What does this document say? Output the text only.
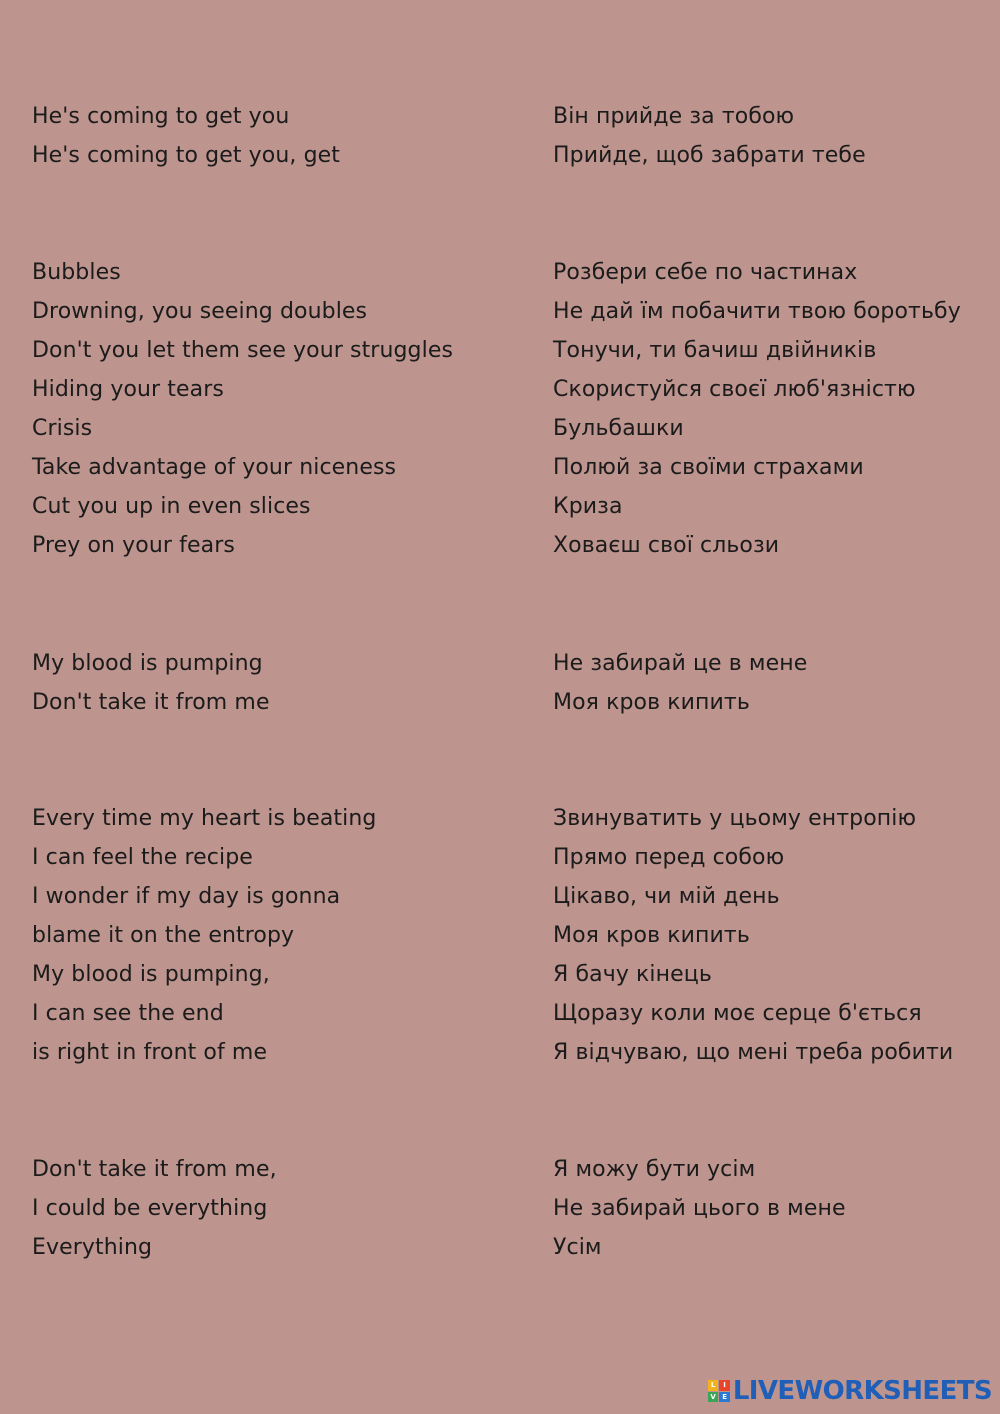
He's coming to get you
He's coming to get you, get
Bubbles
Drowning, you seeing doubles
Don't you let them see your struggles
Hiding your tears
Crisis
Take advantage of your niceness
Cut you up in even slices
Prey on your fears
My blood is pumping
Don't take it from me
Every time my heart is beating
I can feel the recipe
I wonder if my day is gonna
blame it on the entropy
My blood is pumping,
I can see the end
is right in front of me
Don't take it from me,
I could be everything
Everything
Він прийде за тобою
Прийде, щоб забрати тебе
Розбери себе по частинах
Не дай їм побачити твою боротьбу
Тонучи, ти бачиш двійників
Скористуйся своєї люб'язністю
Бульбашки
Полюй за своїми страхами
Криза
Ховаєш свої сльози
Не забирай це в мене
Моя кров кипить
Звинуватить у цьому ентропію
Прямо перед собою
Цікаво, чи мій день
Моя кров кипить
Я бачу кінець
Щоразу коли моє серце б'ється
Я відчуваю, що мені треба робити
Я можу бути усім
Не забирай цього в мене
Усім
L	I
V E LIVEWORKSHEETS
